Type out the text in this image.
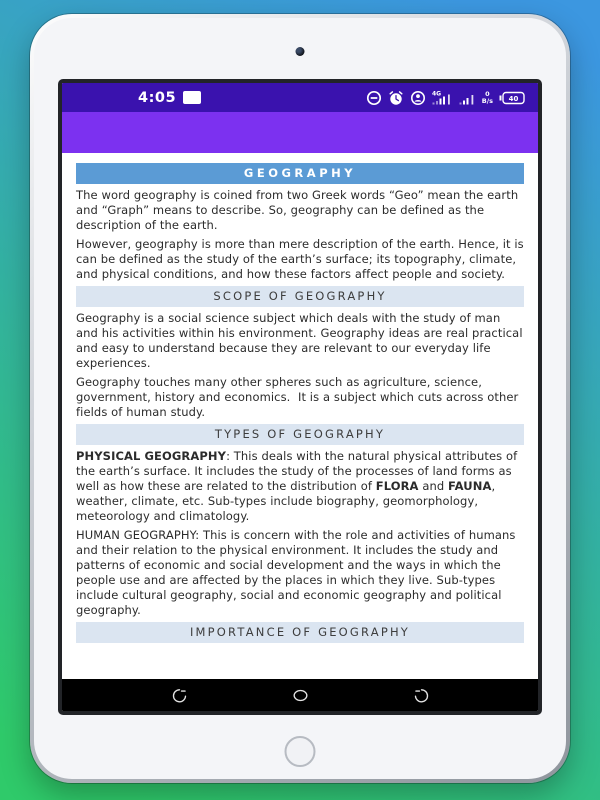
4:05	4G	0
B/s 40
GEOGRAPHY

The word geography is coined from two Greek words “Geo” mean the earth and “Graph” means to describe. So, geography can be defined as the description of the earth.

However, geography is more than mere description of the earth. Hence, it is can be defined as the study of the earth’s surface; its topography, climate, and physical conditions, and how these factors affect people and society.

SCOPE OF GEOGRAPHY

Geography is a social science subject which deals with the study of man and his activities within his environment. Geography ideas are real practical and easy to understand because they are relevant to our everyday life experiences.

Geography touches many other spheres such as agriculture, science, government, history and economics.  It is a subject which cuts across other fields of human study.

TYPES OF GEOGRAPHY

PHYSICAL GEOGRAPHY: This deals with the natural physical attributes of the earth’s surface. It includes the study of the processes of land forms as well as how these are related to the distribution of FLORA and FAUNA, weather, climate, etc. Sub-types include biography, geomorphology, meteorology and climatology.

HUMAN GEOGRAPHY: This is concern with the role and activities of humans and their relation to the physical environment. It includes the study and patterns of economic and social development and the ways in which the people use and are affected by the places in which they live. Sub-types include cultural geography, social and economic geography and political geography.

IMPORTANCE OF GEOGRAPHY
